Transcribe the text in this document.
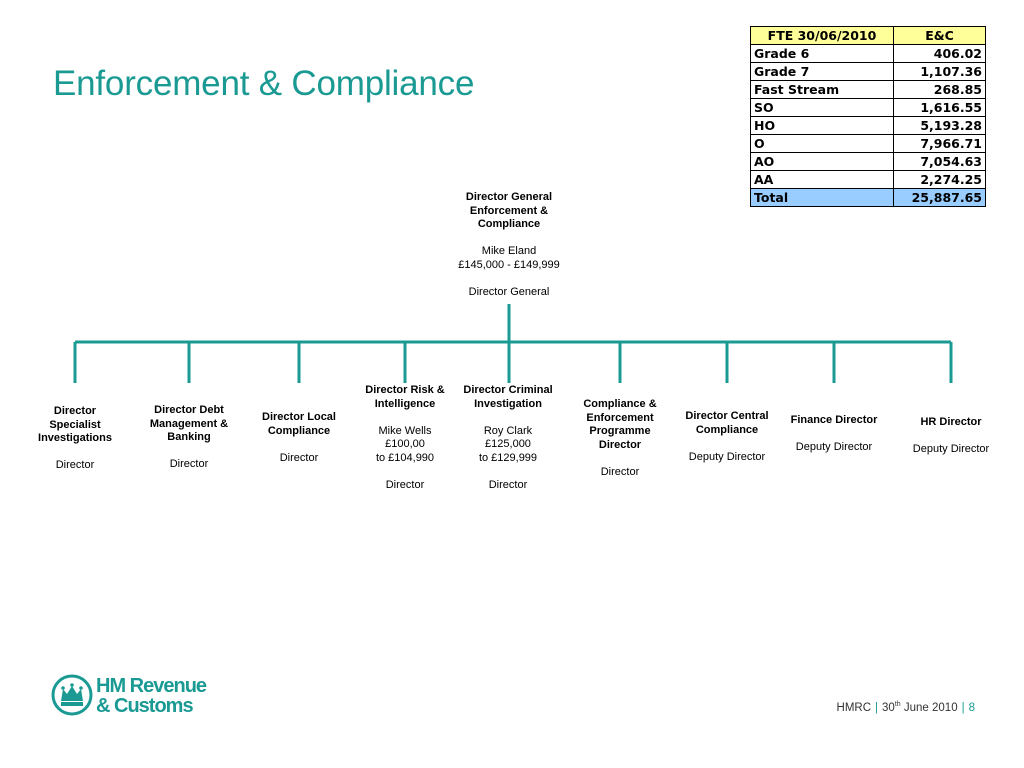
Enforcement & Compliance
FTE 30/06/2010	E&C
Grade 6	406.02
Grade 7	1,107.36
Fast Stream	268.85
SO	1,616.55
HO	5,193.28
O	7,966.71
AO	7,054.63
AA	2,274.25
Total	25,887.65
Director General Enforcement & Compliance
Mike Eland
£145,000 - £149,999
Director General
Director Specialist Investigations
Director
Director Debt Management & Banking
Director
Director Local Compliance
Director
Director Risk & Intelligence
Mike Wells
£100,00
to £104,990
Director
Director Criminal Investigation
Roy Clark
£125,000
to £129,999
Director
Compliance & Enforcement Programme Director
Director
Director Central Compliance
Deputy Director
Finance Director
Deputy Director
HR Director
Deputy Director
HM Revenue
& Customs	HMRC | 30th June 2010 | 8
